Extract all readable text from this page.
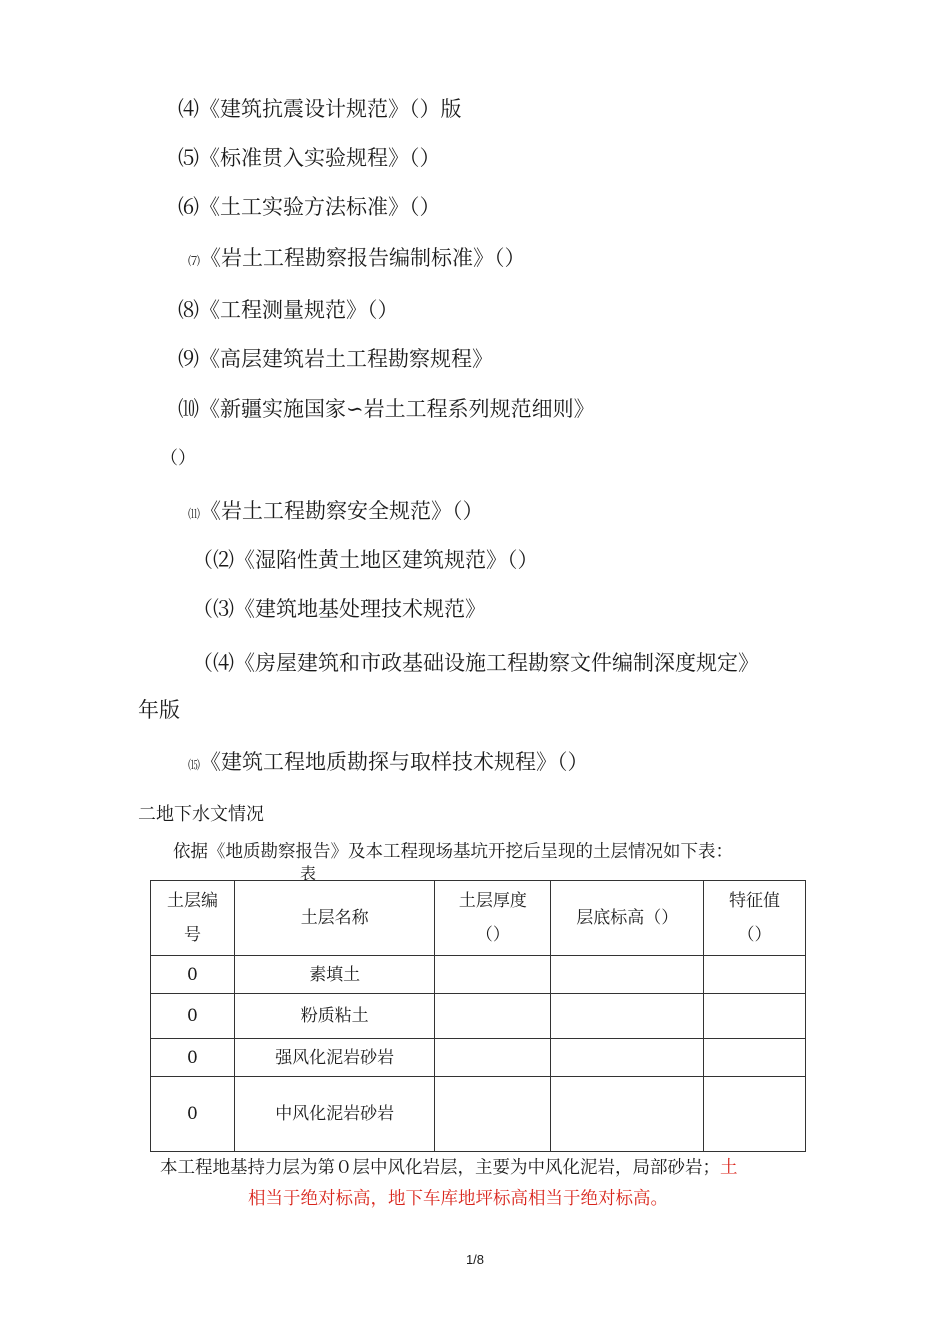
⑷《建筑抗震设计规范》（）版
⑸《标准贯入实验规程》（）
⑹《土工实验方法标准》（）
⑺《岩土工程勘察报告编制标准》（）
⑻《工程测量规范》（）
⑼《高层建筑岩土工程勘察规程》
⑽《新疆实施国家∽岩土工程系列规范细则》
（）
⑾《岩土工程勘察安全规范》（）
（⑵《湿陷性黄土地区建筑规范》（）
（⑶《建筑地基处理技术规范》
（⑷《房屋建筑和市政基础设施工程勘察文件编制深度规定》
年版
⒂《建筑工程地质勘探与取样技术规程》（）
二地下水文情况
依据《地质勘察报告》及本工程现场基坑开挖后呈现的土层情况如下表：
表
土层编号	土层名称	土层厚度（）	层底标高（）	特征值（）
0	素填土			
0	粉质粘土			
0	强风化泥岩砂岩			
0	中风化泥岩砂岩			
本工程地基持力层为第０层中风化岩层，主要为中风化泥岩，局部砂岩；土
相当于绝对标高，地下车库地坪标高相当于绝对标高。
1/8
